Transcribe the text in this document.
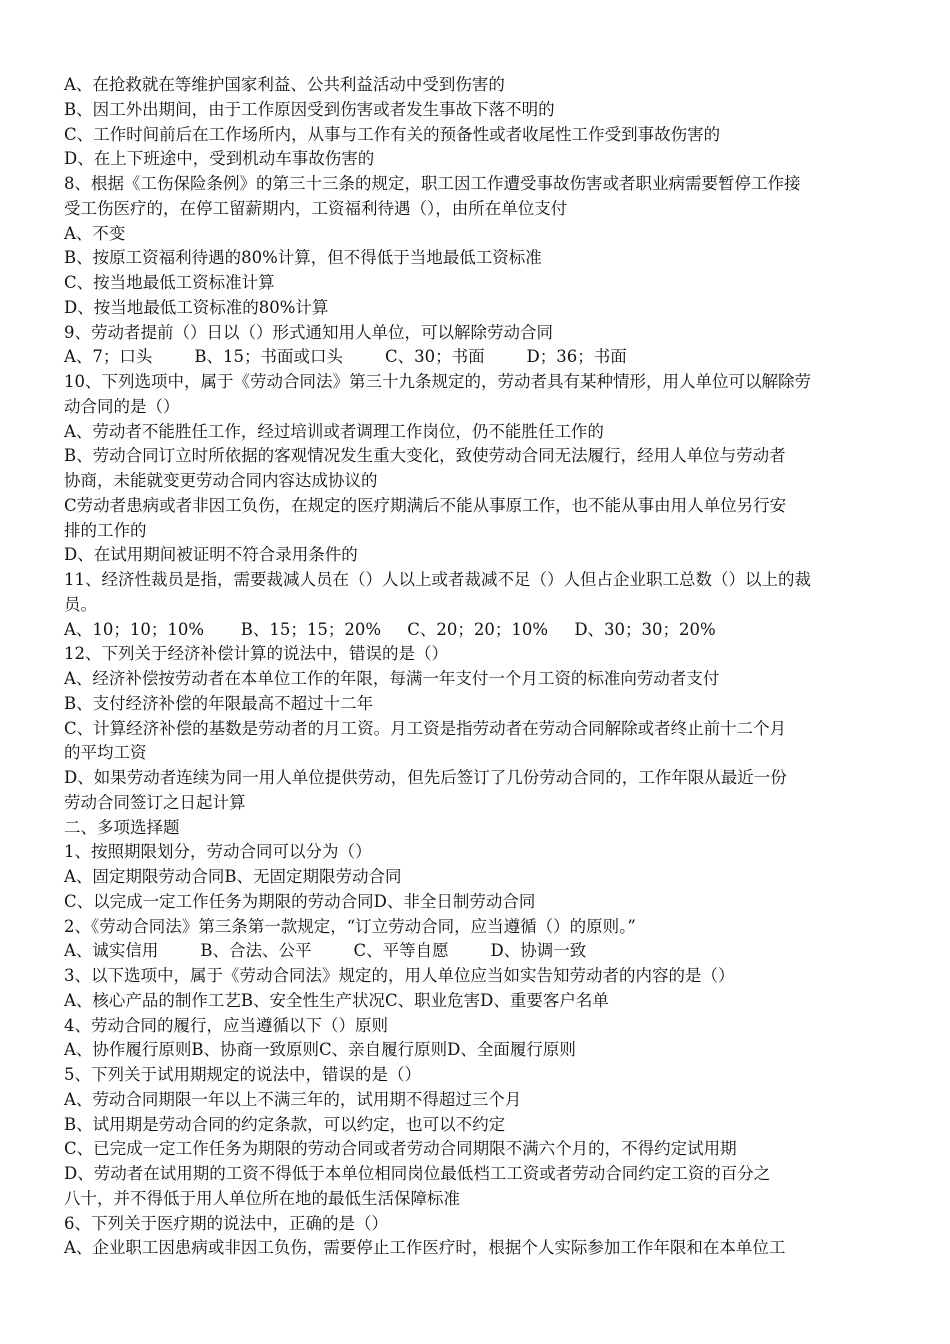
A、在抢救就在等维护国家利益、公共利益活动中受到伤害的
B、因工外出期间，由于工作原因受到伤害或者发生事故下落不明的
C、工作时间前后在工作场所内，从事与工作有关的预备性或者收尾性工作受到事故伤害的
D、在上下班途中，受到机动车事故伤害的
8、根据《工伤保险条例》的第三十三条的规定，职工因工作遭受事故伤害或者职业病需要暂停工作接
受工伤医疗的，在停工留薪期内，工资福利待遇（），由所在单位支付
A、不变
B、按原工资福利待遇的80%计算，但不得低于当地最低工资标准
C、按当地最低工资标准计算
D、按当地最低工资标准的80%计算
9、劳动者提前（）日以（）形式通知用人单位，可以解除劳动合同
A、7；口头        B、15；书面或口头        C、30；书面        D；36；书面
10、下列选项中，属于《劳动合同法》第三十九条规定的，劳动者具有某种情形，用人单位可以解除劳
动合同的是（）
A、劳动者不能胜任工作，经过培训或者调理工作岗位，仍不能胜任工作的
B、劳动合同订立时所依据的客观情况发生重大变化，致使劳动合同无法履行，经用人单位与劳动者
协商，未能就变更劳动合同内容达成协议的
C劳动者患病或者非因工负伤，在规定的医疗期满后不能从事原工作，也不能从事由用人单位另行安
排的工作的
D、在试用期间被证明不符合录用条件的
11、经济性裁员是指，需要裁减人员在（）人以上或者裁减不足（）人但占企业职工总数（）以上的裁
员。
A、10；10；10%       B、15；15；20%     C、20；20；10%     D、30；30；20%
12、下列关于经济补偿计算的说法中，错误的是（）
A、经济补偿按劳动者在本单位工作的年限，每满一年支付一个月工资的标准向劳动者支付
B、支付经济补偿的年限最高不超过十二年
C、计算经济补偿的基数是劳动者的月工资。月工资是指劳动者在劳动合同解除或者终止前十二个月
的平均工资
D、如果劳动者连续为同一用人单位提供劳动，但先后签订了几份劳动合同的，工作年限从最近一份
劳动合同签订之日起计算
二、多项选择题
1、按照期限划分，劳动合同可以分为（）
A、固定期限劳动合同B、无固定期限劳动合同
C、以完成一定工作任务为期限的劳动合同D、非全日制劳动合同
2、《劳动合同法》第三条第一款规定，“订立劳动合同，应当遵循（）的原则。”
A、诚实信用        B、合法、公平        C、平等自愿        D、协调一致
3、以下选项中，属于《劳动合同法》规定的，用人单位应当如实告知劳动者的内容的是（）
A、核心产品的制作工艺B、安全性生产状况C、职业危害D、重要客户名单
4、劳动合同的履行，应当遵循以下（）原则
A、协作履行原则B、协商一致原则C、亲自履行原则D、全面履行原则
5、下列关于试用期规定的说法中，错误的是（）
A、劳动合同期限一年以上不满三年的，试用期不得超过三个月
B、试用期是劳动合同的约定条款，可以约定，也可以不约定
C、已完成一定工作任务为期限的劳动合同或者劳动合同期限不满六个月的，不得约定试用期
D、劳动者在试用期的工资不得低于本单位相同岗位最低档工工资或者劳动合同约定工资的百分之
八十，并不得低于用人单位所在地的最低生活保障标准
6、下列关于医疗期的说法中，正确的是（）
A、企业职工因患病或非因工负伤，需要停止工作医疗时，根据个人实际参加工作年限和在本单位工
